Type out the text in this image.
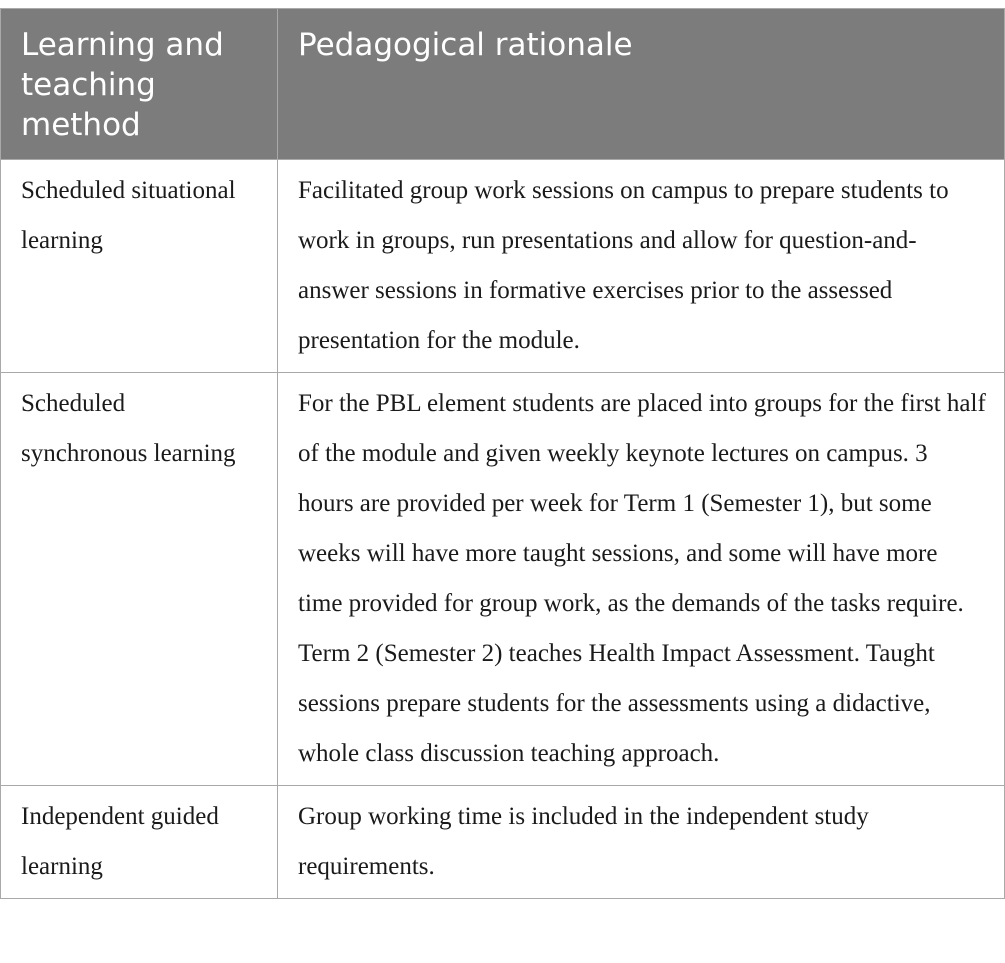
Learning and teaching method	Pedagogical rationale
Scheduled situational learning	Facilitated group work sessions on campus to prepare students to work in groups, run presentations and allow for question-and-answer sessions in formative exercises prior to the assessed presentation for the module.
Scheduled synchronous learning	For the PBL element students are placed into groups for the first half of the module and given weekly keynote lectures on campus. 3 hours are provided per week for Term 1 (Semester 1), but some weeks will have more taught sessions, and some will have more time provided for group work, as the demands of the tasks require. Term 2 (Semester 2) teaches Health Impact Assessment. Taught sessions prepare students for the assessments using a didactive, whole class discussion teaching approach.
Independent guided learning	Group working time is included in the independent study requirements.
